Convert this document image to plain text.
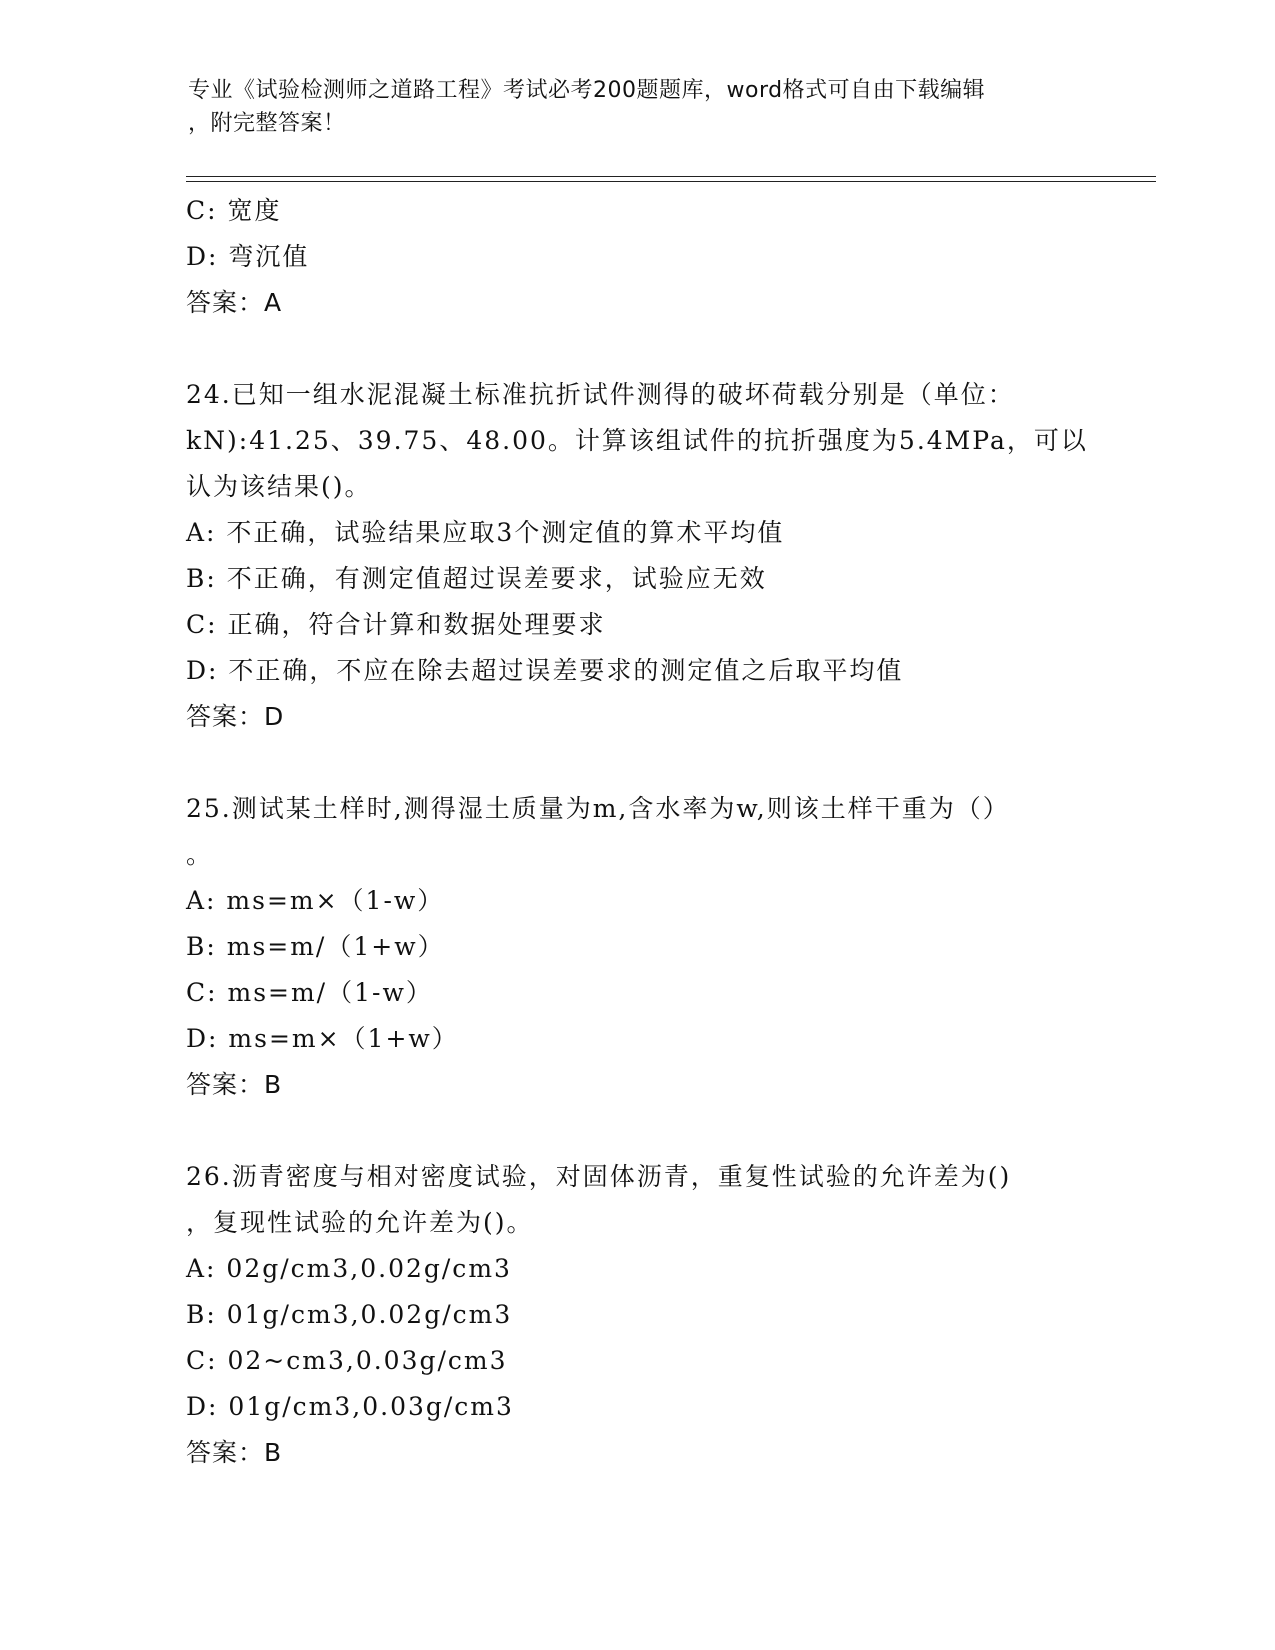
专业《试验检测师之道路工程》考试必考200题题库，word格式可自由下载编辑
，附完整答案！
C: 宽度
D: 弯沉值
答案：A
24.已知一组水泥混凝土标准抗折试件测得的破坏荷载分别是（单位：
kN):41.25、39.75、48.00。计算该组试件的抗折强度为5.4MPa，可以
认为该结果()。
A: 不正确，试验结果应取3个测定值的算术平均值
B: 不正确，有测定值超过误差要求，试验应无效
C: 正确，符合计算和数据处理要求
D: 不正确，不应在除去超过误差要求的测定值之后取平均值
答案：D
25.测试某土样时,测得湿土质量为m,含水率为w,则该土样干重为（）
。
A: ms=m×（1-w）
B: ms=m/（1+w）
C: ms=m/（1-w）
D: ms=m×（1+w）
答案：B
26.沥青密度与相对密度试验，对固体沥青，重复性试验的允许差为()
，复现性试验的允许差为()。
A: 02g/cm3,0.02g/cm3
B: 01g/cm3,0.02g/cm3
C: 02~cm3,0.03g/cm3
D: 01g/cm3,0.03g/cm3
答案：B
